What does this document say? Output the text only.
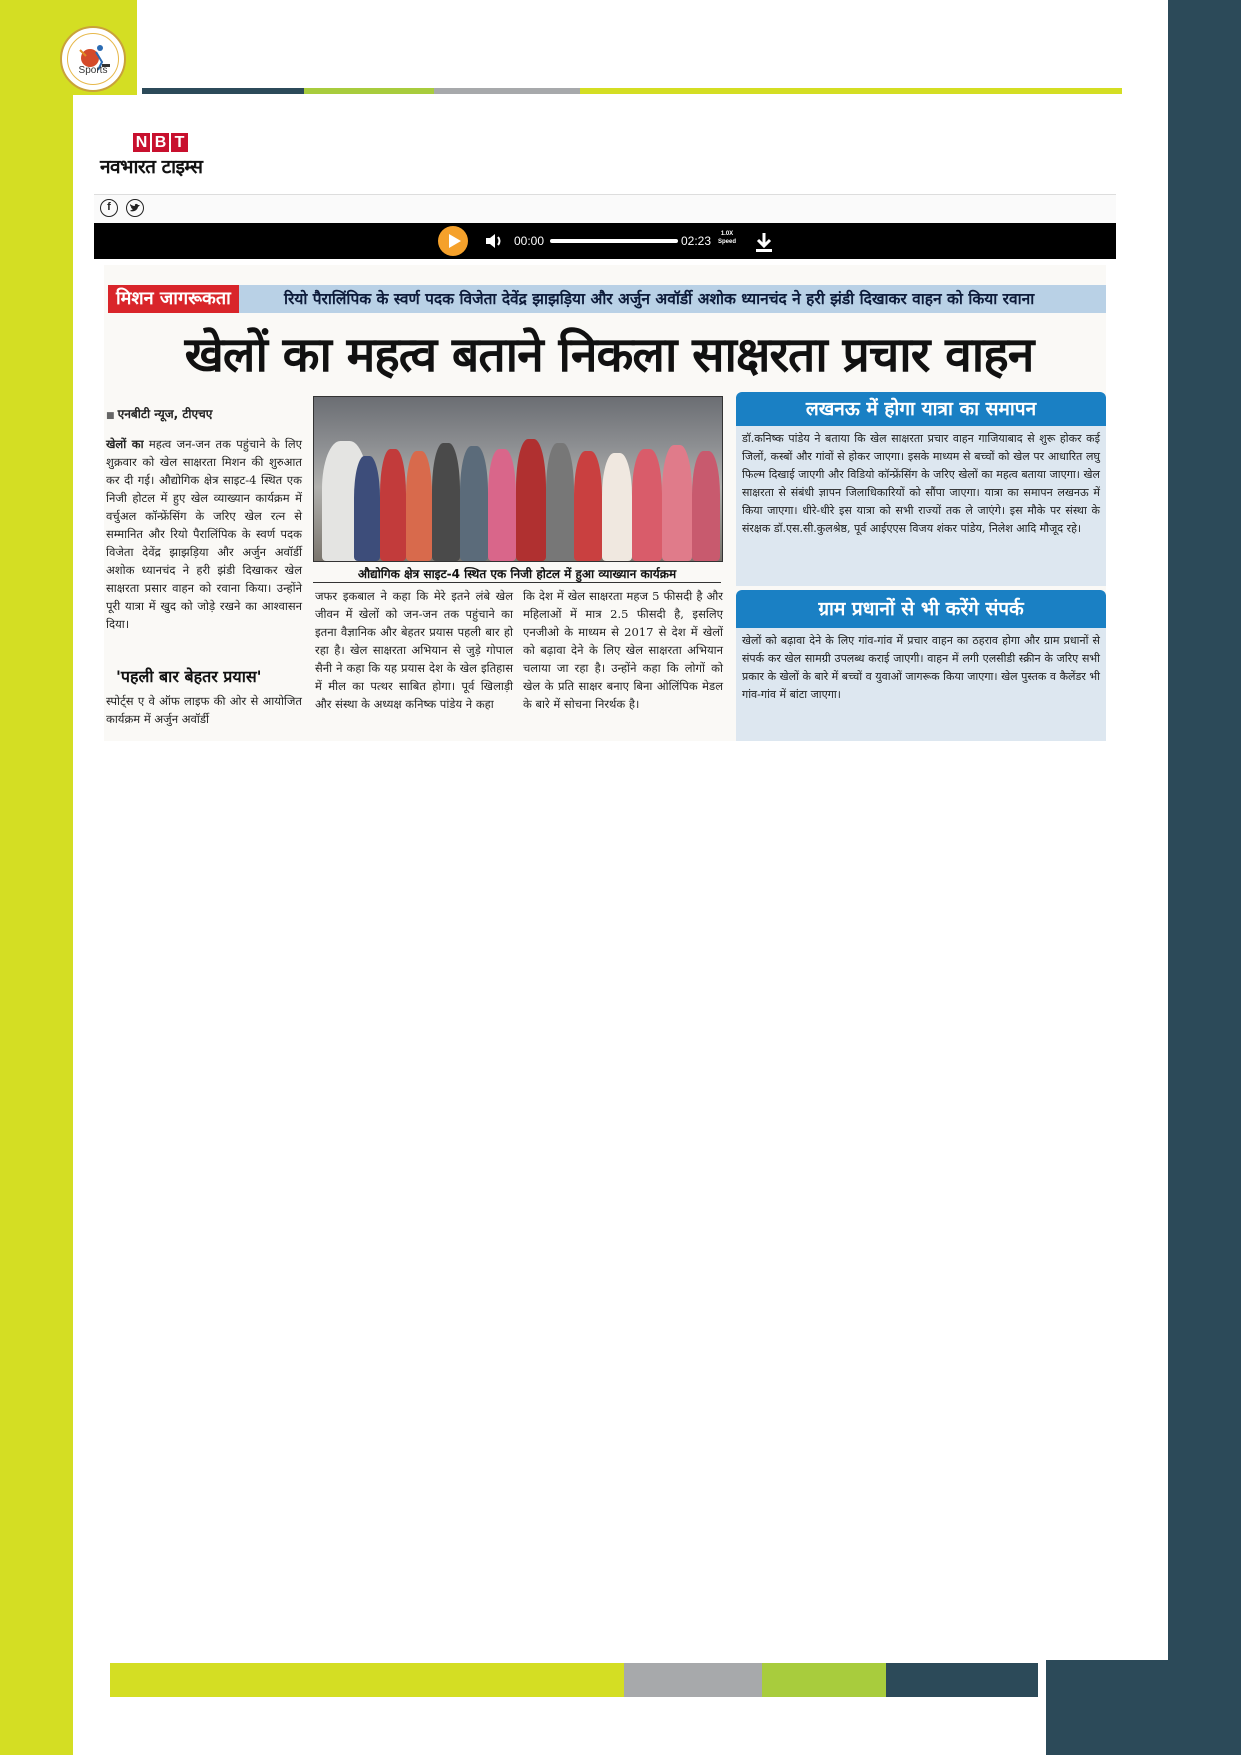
Sports
N B T
नवभारत टाइम्स
f
00:00	02:23	1.0X
Speed
मिशन जागरूकता	रियो पैरालिंपिक के स्वर्ण पदक विजेता देवेंद्र झाझड़िया और अर्जुन अवॉर्डी अशोक ध्यानचंद ने हरी झंडी दिखाकर वाहन को किया रवाना
खेलों का महत्व बताने निकला साक्षरता प्रचार वाहन
■ एनबीटी न्यूज, टीएचए
खेलों का महत्व जन-जन तक पहुंचाने के लिए शुक्रवार को खेल साक्षरता मिशन की शुरुआत कर दी गई। औद्योगिक क्षेत्र साइट-4 स्थित एक निजी होटल में हुए खेल व्याख्यान कार्यक्रम में वर्चुअल कॉन्फ्रेंसिंग के जरिए खेल रत्न से सम्मानित और रियो पैरालिंपिक के स्वर्ण पदक विजेता देवेंद्र झाझड़िया और अर्जुन अवॉर्डी अशोक ध्यानचंद ने हरी झंडी दिखाकर खेल साक्षरता प्रसार वाहन को रवाना किया। उन्होंने पूरी यात्रा में खुद को जोड़े रखने का आश्वासन दिया।
'पहली बार बेहतर प्रयास'
स्पोर्ट्स ए वे ऑफ लाइफ की ओर से आयोजित कार्यक्रम में अर्जुन अवॉर्डी
औद्योगिक क्षेत्र साइट-4 स्थित एक निजी होटल में हुआ व्याख्यान कार्यक्रम
जफर इकबाल ने कहा कि मेरे इतने लंबे खेल जीवन में खेलों को जन-जन तक पहुंचाने का इतना वैज्ञानिक और बेहतर प्रयास पहली बार हो रहा है। खेल साक्षरता अभियान से जुड़े गोपाल सैनी ने कहा कि यह प्रयास देश के खेल इतिहास में मील का पत्थर साबित होगा। पूर्व खिलाड़ी और संस्था के अध्यक्ष कनिष्क पांडेय ने कहा
कि देश में खेल साक्षरता महज 5 फीसदी है और महिलाओं में मात्र 2.5 फीसदी है, इसलिए एनजीओ के माध्यम से 2017 से देश में खेलों को बढ़ावा देने के लिए खेल साक्षरता अभियान चलाया जा रहा है। उन्होंने कहा कि लोगों को खेल के प्रति साक्षर बनाए बिना ओलिंपिक मेडल के बारे में सोचना निरर्थक है।
लखनऊ में होगा यात्रा का समापन
डॉ.कनिष्क पांडेय ने बताया कि खेल साक्षरता प्रचार वाहन गाजियाबाद से शुरू होकर कई जिलों, कस्बों और गांवों से होकर जाएगा। इसके माध्यम से बच्चों को खेल पर आधारित लघु फिल्म दिखाई जाएगी और विडियो कॉन्फ्रेंसिंग के जरिए खेलों का महत्व बताया जाएगा। खेल साक्षरता से संबंधी ज्ञापन जिलाधिकारियों को सौंपा जाएगा। यात्रा का समापन लखनऊ में किया जाएगा। धीरे-धीरे इस यात्रा को सभी राज्यों तक ले जाएंगे। इस मौके पर संस्था के संरक्षक डॉ.एस.सी.कुलश्रेष्ठ, पूर्व आईएएस विजय शंकर पांडेय, निलेश आदि मौजूद रहे।
ग्राम प्रधानों से भी करेंगे संपर्क
खेलों को बढ़ावा देने के लिए गांव-गांव में प्रचार वाहन का ठहराव होगा और ग्राम प्रधानों से संपर्क कर खेल सामग्री उपलब्ध कराई जाएगी। वाहन में लगी एलसीडी स्क्रीन के जरिए सभी प्रकार के खेलों के बारे में बच्चों व युवाओं जागरूक किया जाएगा। खेल पुस्तक व कैलेंडर भी गांव-गांव में बांटा जाएगा।
